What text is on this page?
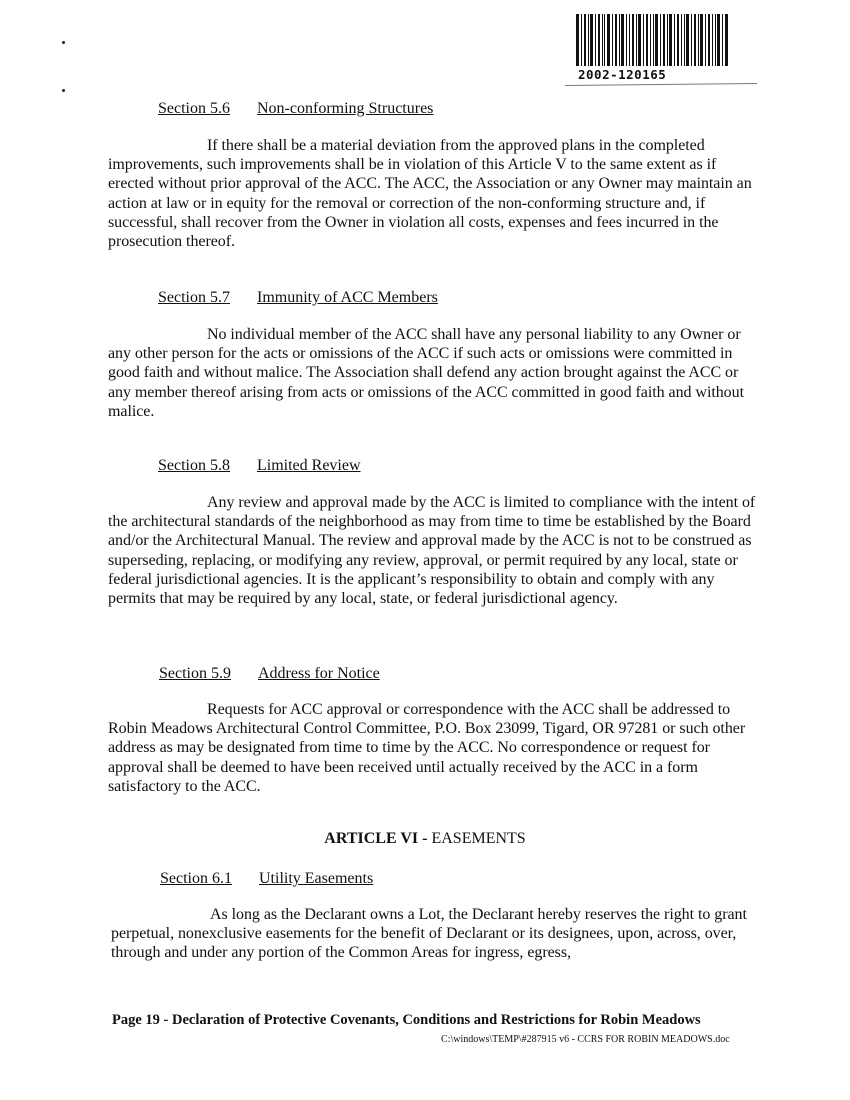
2002-120165
Section 5.6 Non-conforming Structures

If there shall be a material deviation from the approved plans in the completed improvements, such improvements shall be in violation of this Article V to the same extent as if erected without prior approval of the ACC. The ACC, the Association or any Owner may maintain an action at law or in equity for the removal or correction of the non-conforming structure and, if successful, shall recover from the Owner in violation all costs, expenses and fees incurred in the prosecution thereof.

Section 5.7 Immunity of ACC Members

No individual member of the ACC shall have any personal liability to any Owner or any other person for the acts or omissions of the ACC if such acts or omissions were committed in good faith and without malice. The Association shall defend any action brought against the ACC or any member thereof arising from acts or omissions of the ACC committed in good faith and without malice.

Section 5.8 Limited Review

Any review and approval made by the ACC is limited to compliance with the intent of the architectural standards of the neighborhood as may from time to time be established by the Board and/or the Architectural Manual. The review and approval made by the ACC is not to be construed as superseding, replacing, or modifying any review, approval, or permit required by any local, state or federal jurisdictional agencies. It is the applicant’s responsibility to obtain and comply with any permits that may be required by any local, state, or federal jurisdictional agency.

Section 5.9 Address for Notice

Requests for ACC approval or correspondence with the ACC shall be addressed to Robin Meadows Architectural Control Committee, P.O. Box 23099, Tigard, OR 97281 or such other address as may be designated from time to time by the ACC. No correspondence or request for approval shall be deemed to have been received until actually received by the ACC in a form satisfactory to the ACC.

ARTICLE VI - EASEMENTS
Section 6.1 Utility Easements

As long as the Declarant owns a Lot, the Declarant hereby reserves the right to grant perpetual, nonexclusive easements for the benefit of Declarant or its designees, upon, across, over, through and under any portion of the Common Areas for ingress, egress,

Page 19 - Declaration of Protective Covenants, Conditions and Restrictions for Robin Meadows
C:\windows\TEMP\#287915 v6 - CCRS FOR ROBIN MEADOWS.doc
